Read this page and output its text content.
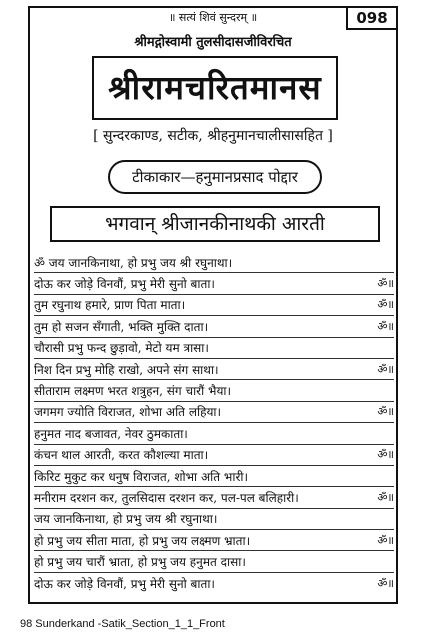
॥ सत्यं शिवं सुन्दरम् ॥	098
श्रीमद्गोस्वामी तुलसीदासजीविरचित
श्रीरामचरितमानस
[ सुन्दरकाण्ड, सटीक, श्रीहनुमानचालीसासहित ]
टीकाकार—हनुमानप्रसाद पोद्दार
भगवान् श्रीजानकीनाथकी आरती
ॐ जय जानकिनाथा, हो प्रभु जय श्री रघुनाथा।
दोऊ कर जोड़े विनवौं, प्रभु मेरी सुनो बाता।	ॐ॥
तुम रघुनाथ हमारे, प्राण पिता माता।	ॐ॥
तुम हो सजन सँगाती, भक्ति मुक्ति दाता।	ॐ॥
चौरासी प्रभु फन्द छुड़ावो, मेटो यम त्रासा।
निश दिन प्रभु मोहि राखो, अपने संग साथा।	ॐ॥
सीताराम लक्ष्मण भरत शत्रुहन, संग चारौं भैया।
जगमग ज्योति विराजत, शोभा अति लहिया।	ॐ॥
हनुमत नाद बजावत, नेवर ठुमकाता।
कंचन थाल आरती, करत कौशल्या माता।	ॐ॥
किरिट मुकुट कर धनुष विराजत, शोभा अति भारी।
मनीराम दरशन कर, तुलसिदास दरशन कर, पल-पल बलिहारी।	ॐ॥
जय जानकिनाथा, हो प्रभु जय श्री रघुनाथा।
हो प्रभु जय सीता माता, हो प्रभु जय लक्ष्मण भ्राता।	ॐ॥
हो प्रभु जय चारौं भ्राता, हो प्रभु जय हनुमत दासा।
दोऊ कर जोड़े विनवौं, प्रभु मेरी सुनो बाता।	ॐ॥
98 Sunderkand -Satik_Section_1_1_Front
